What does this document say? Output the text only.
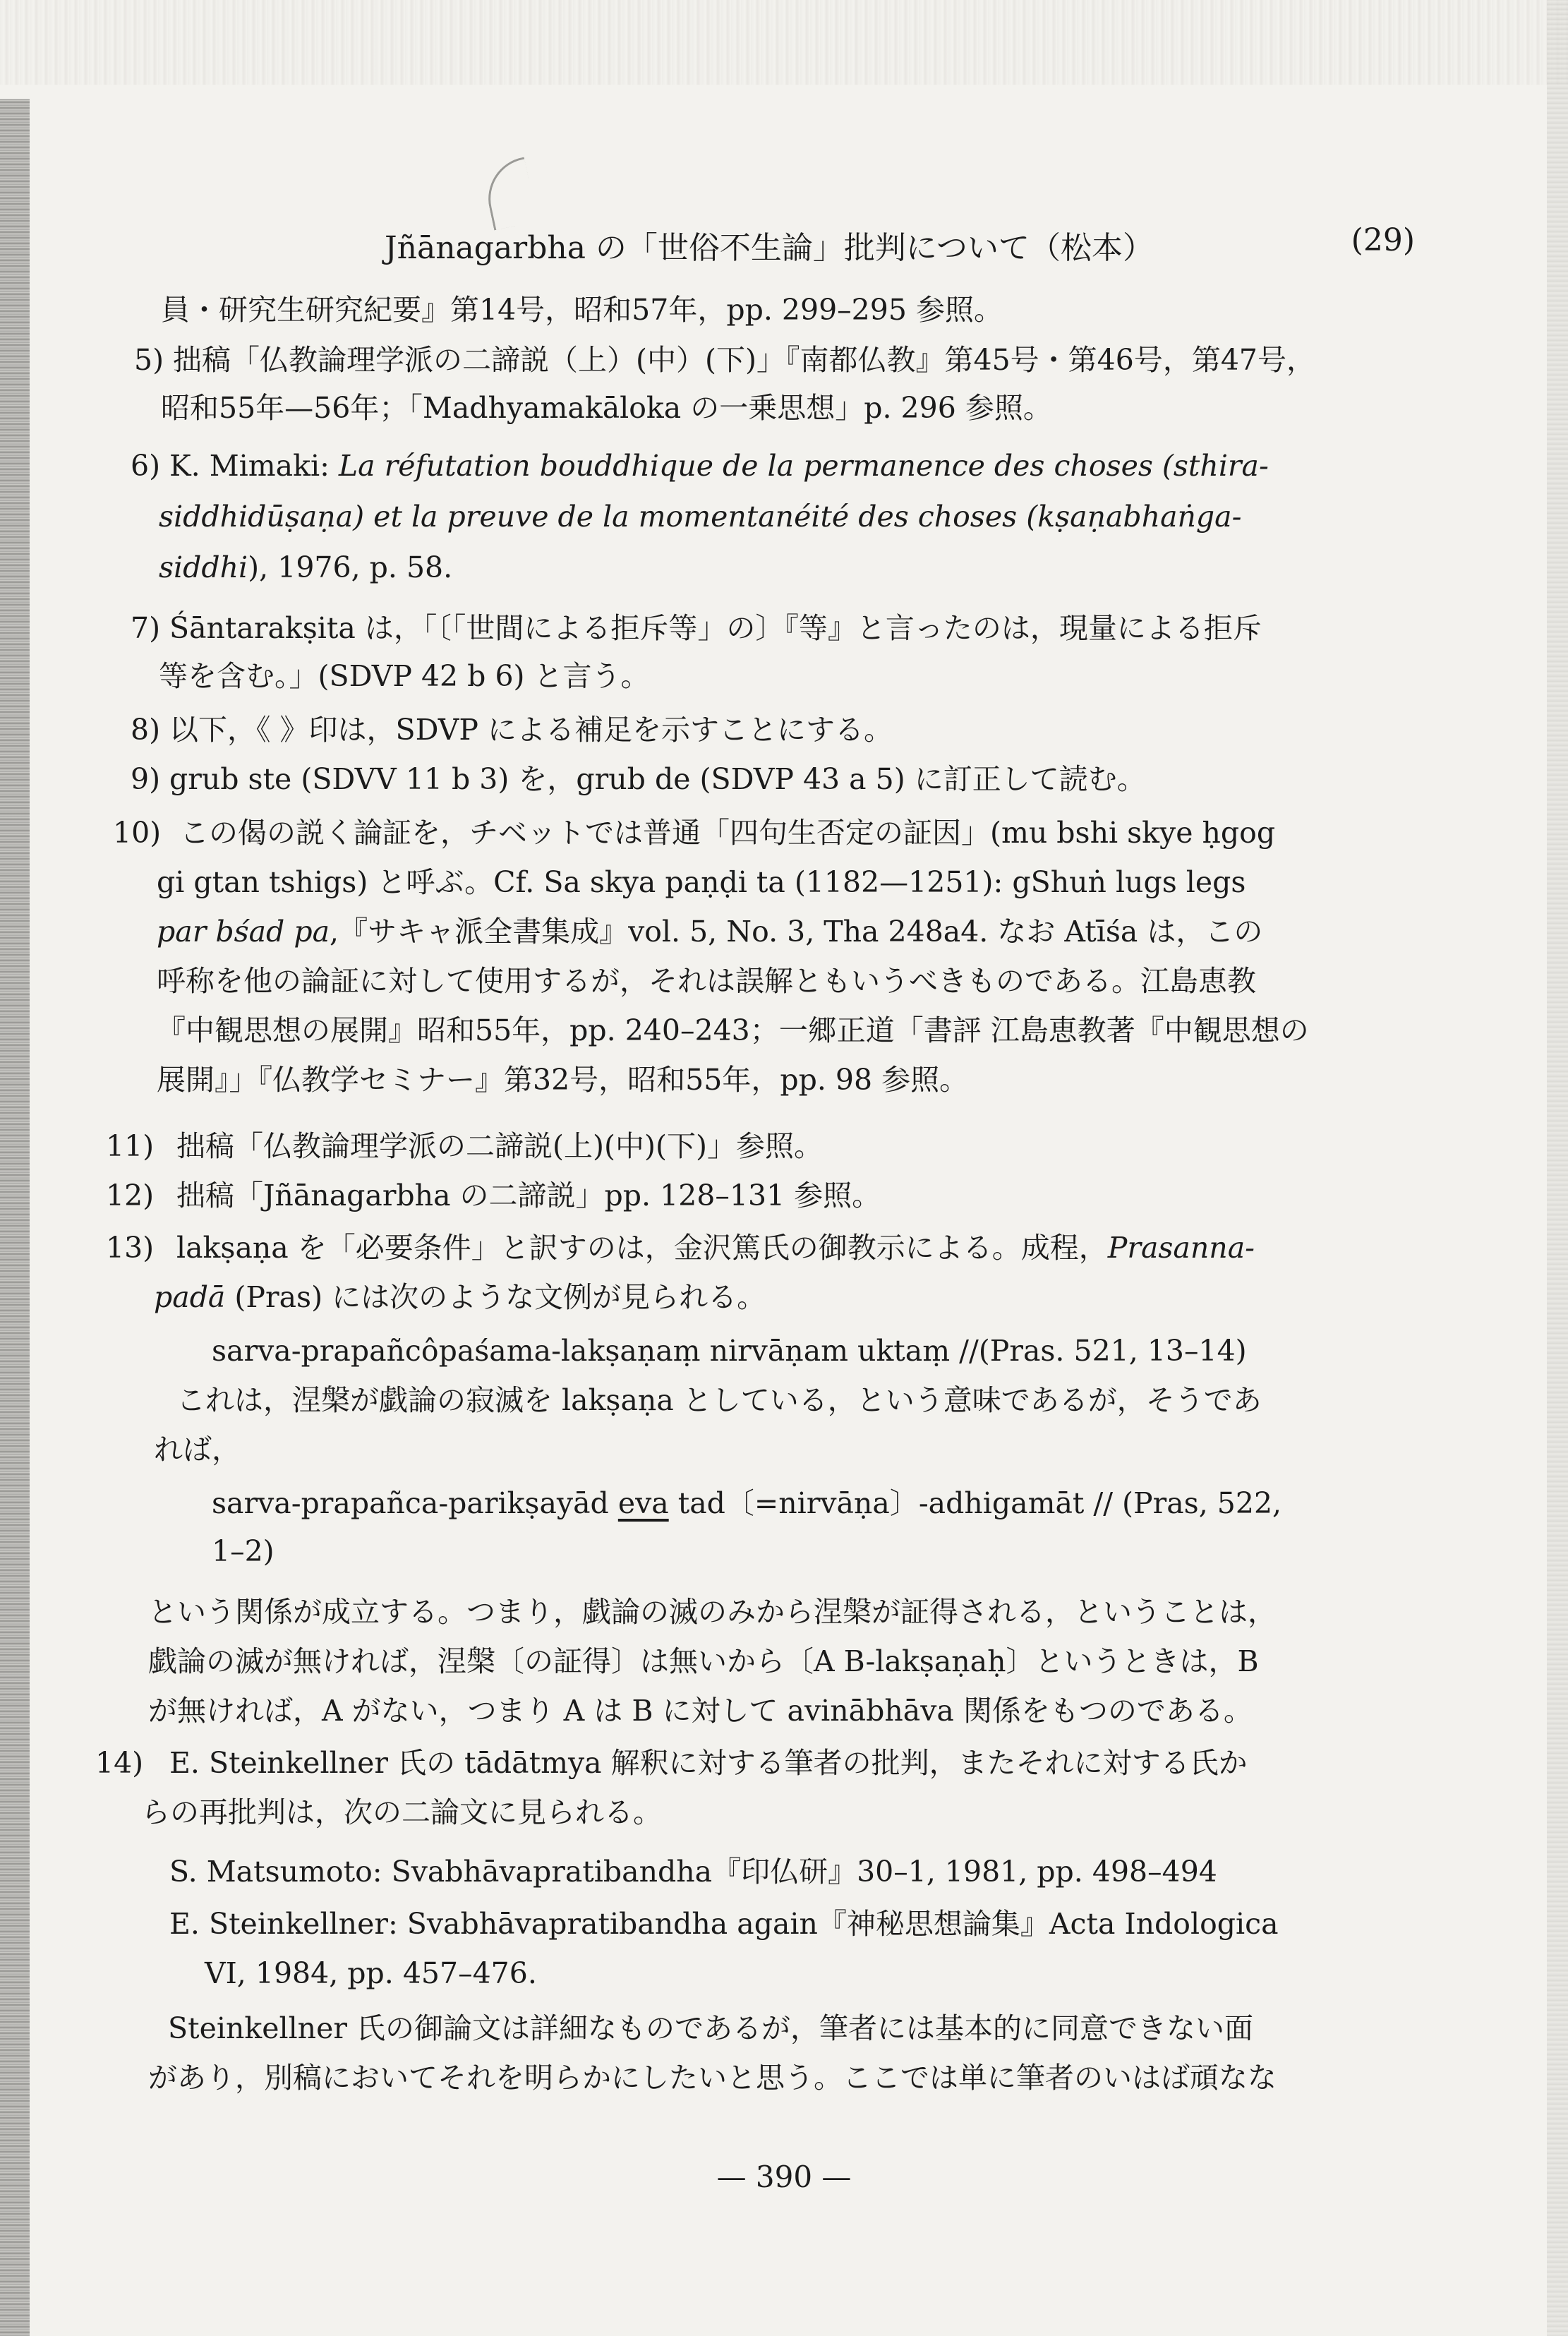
Jñānagarbha の「世俗不生論」批判について（松本）	(29)
員・研究生研究紀要』第14号，昭和57年，pp. 299–295 参照。
5) 拙稿「仏教論理学派の二諦説（上）(中）(下)」『南都仏教』第45号・第46号，第47号，
昭和55年—56年；「Madhyamakāloka の一乗思想」p. 296 参照。
6) K. Mimaki: La réfutation bouddhique de la permanence des choses (sthira-
siddhidūṣaṇa) et la preuve de la momentanéité des choses (kṣaṇabhaṅga-
siddhi), 1976, p. 58.
7) Śāntarakṣita は，「〔「世間による拒斥等」の〕『等』と言ったのは，現量による拒斥
等を含む。」(SDVP 42 b 6) と言う。
8) 以下，《 》印は，SDVP による補足を示すことにする。
9) grub ste (SDVV 11 b 3) を，grub de (SDVP 43 a 5) に訂正して読む。
10) この偈の説く論証を，チベットでは普通「四句生否定の証因」(mu bshi skye ḥgog
gi gtan tshigs) と呼ぶ。Cf. Sa skya paṇḍi ta (1182—1251): gShuṅ lugs legs
par bśad pa,『サキャ派全書集成』vol. 5, No. 3, Tha 248a4. なお Atīśa は，この
呼称を他の論証に対して使用するが，それは誤解ともいうべきものである。江島恵教
『中観思想の展開』昭和55年，pp. 240–243；一郷正道「書評 江島恵教著『中観思想の
展開』」『仏教学セミナー』第32号，昭和55年，pp. 98 参照。
11) 拙稿「仏教論理学派の二諦説(上)(中)(下)」参照。
12) 拙稿「Jñānagarbha の二諦説」pp. 128–131 参照。
13) lakṣaṇa を「必要条件」と訳すのは，金沢篤氏の御教示による。成程，Prasanna-
padā (Pras) には次のような文例が見られる。
sarva-prapañcôpaśama-lakṣaṇaṃ nirvāṇam uktaṃ //(Pras. 521, 13–14)
これは，涅槃が戯論の寂滅を lakṣaṇa としている，という意味であるが，そうであ
れば，
sarva-prapañca-parikṣayād eva tad〔=nirvāṇa〕-adhigamāt // (Pras, 522,
1–2)
という関係が成立する。つまり，戯論の滅のみから涅槃が証得される，ということは，
戯論の滅が無ければ，涅槃〔の証得〕は無いから〔A B-lakṣaṇaḥ〕というときは，B
が無ければ，A がない，つまり A は B に対して avinābhāva 関係をもつのである。
14) E. Steinkellner 氏の tādātmya 解釈に対する筆者の批判，またそれに対する氏か
らの再批判は，次の二論文に見られる。
S. Matsumoto: Svabhāvapratibandha『印仏研』30–1, 1981, pp. 498–494
E. Steinkellner: Svabhāvapratibandha again『神秘思想論集』Acta Indologica
VI, 1984, pp. 457–476.
Steinkellner 氏の御論文は詳細なものであるが，筆者には基本的に同意できない面
があり，別稿においてそれを明らかにしたいと思う。ここでは単に筆者のいはば頑なな
— 390 —
